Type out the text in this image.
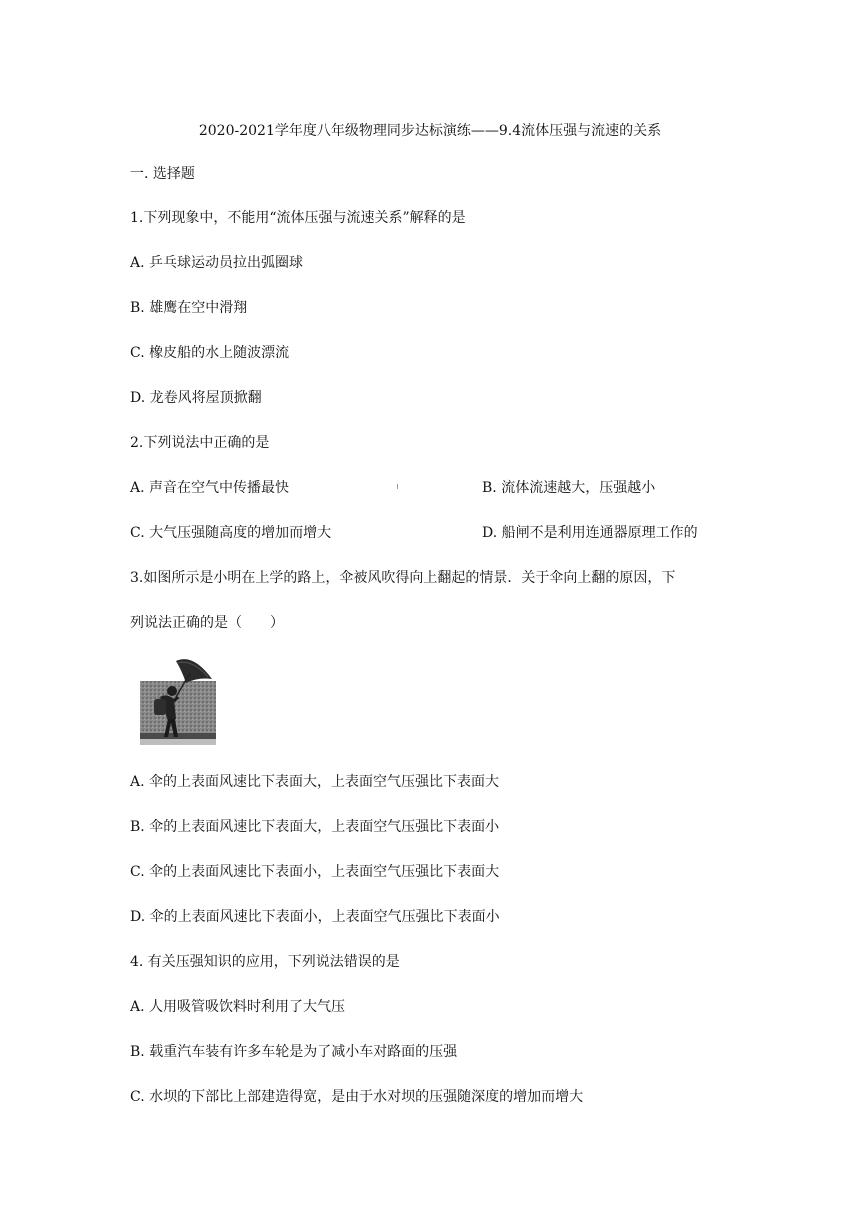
2020-2021学年度八年级物理同步达标演练——9.4流体压强与流速的关系
一. 选择题
1.下列现象中，不能用“流体压强与流速关系”解释的是
A. 乒乓球运动员拉出弧圈球
B. 雄鹰在空中滑翔
C. 橡皮船的水上随波漂流
D. 龙卷风将屋顶掀翻
2.下列说法中正确的是
A. 声音在空气中传播最快	B. 流体流速越大，压强越小
C. 大气压强随高度的增加而增大	D. 船闸不是利用连通器原理工作的
3.如图所示是小明在上学的路上，伞被风吹得向上翻起的情景．关于伞向上翻的原因，下
列说法正确的是（　　）
A. 伞的上表面风速比下表面大，上表面空气压强比下表面大
B. 伞的上表面风速比下表面大，上表面空气压强比下表面小
C. 伞的上表面风速比下表面小，上表面空气压强比下表面大
D. 伞的上表面风速比下表面小，上表面空气压强比下表面小
4. 有关压强知识的应用，下列说法错误的是
A. 人用吸管吸饮料时利用了大气压
B. 载重汽车装有许多车轮是为了减小车对路面的压强
C. 水坝的下部比上部建造得宽，是由于水对坝的压强随深度的增加而增大
